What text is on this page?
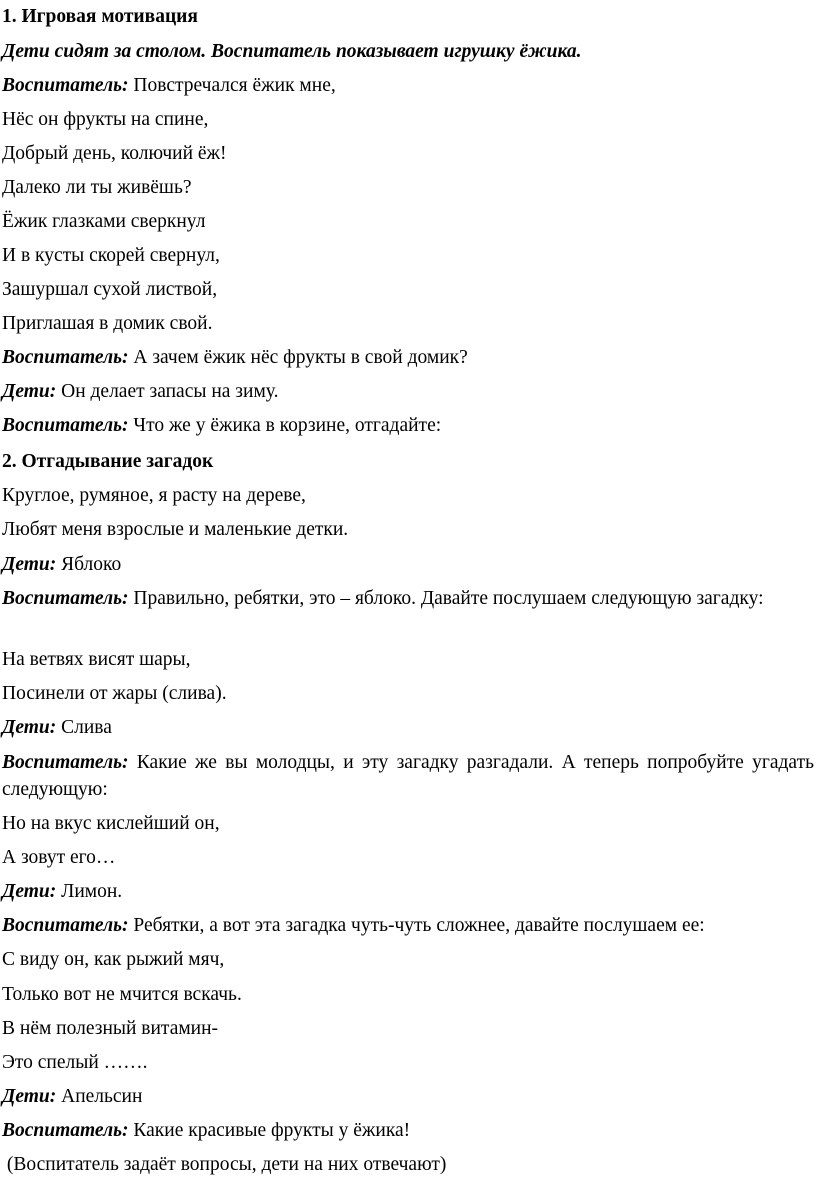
1. Игровая мотивация
Дети сидят за столом. Воспитатель показывает игрушку ёжика.
Воспитатель: Повстречался ёжик мне,
Нёс он фрукты на спине,
Добрый день, колючий ёж!
Далеко ли ты живёшь?
Ёжик глазками сверкнул
И в кусты скорей свернул,
Зашуршал сухой листвой,
Приглашая в домик свой.
Воспитатель: А зачем ёжик нёс фрукты в свой домик?
Дети: Он делает запасы на зиму.
Воспитатель: Что же у ёжика в корзине, отгадайте:
2. Отгадывание загадок
Круглое, румяное, я расту на дереве,
Любят меня взрослые и маленькие детки.
Дети: Яблоко
Воспитатель: Правильно, ребятки, это – яблоко. Давайте послушаем следующую загадку:
На ветвях висят шары,
Посинели от жары (слива).
Дети: Слива
Воспитатель: Какие же вы молодцы, и эту загадку разгадали. А теперь попробуйте угадать следующую:
Но на вкус кислейший он,
А зовут его…
Дети: Лимон.
Воспитатель: Ребятки, а вот эта загадка чуть-чуть сложнее, давайте послушаем ее:
С виду он, как рыжий мяч,
Только вот не мчится вскачь.
В нём полезный витамин-
Это спелый …….
Дети: Апельсин
Воспитатель: Какие красивые фрукты у ёжика!
(Воспитатель задаёт вопросы, дети на них отвечают)
